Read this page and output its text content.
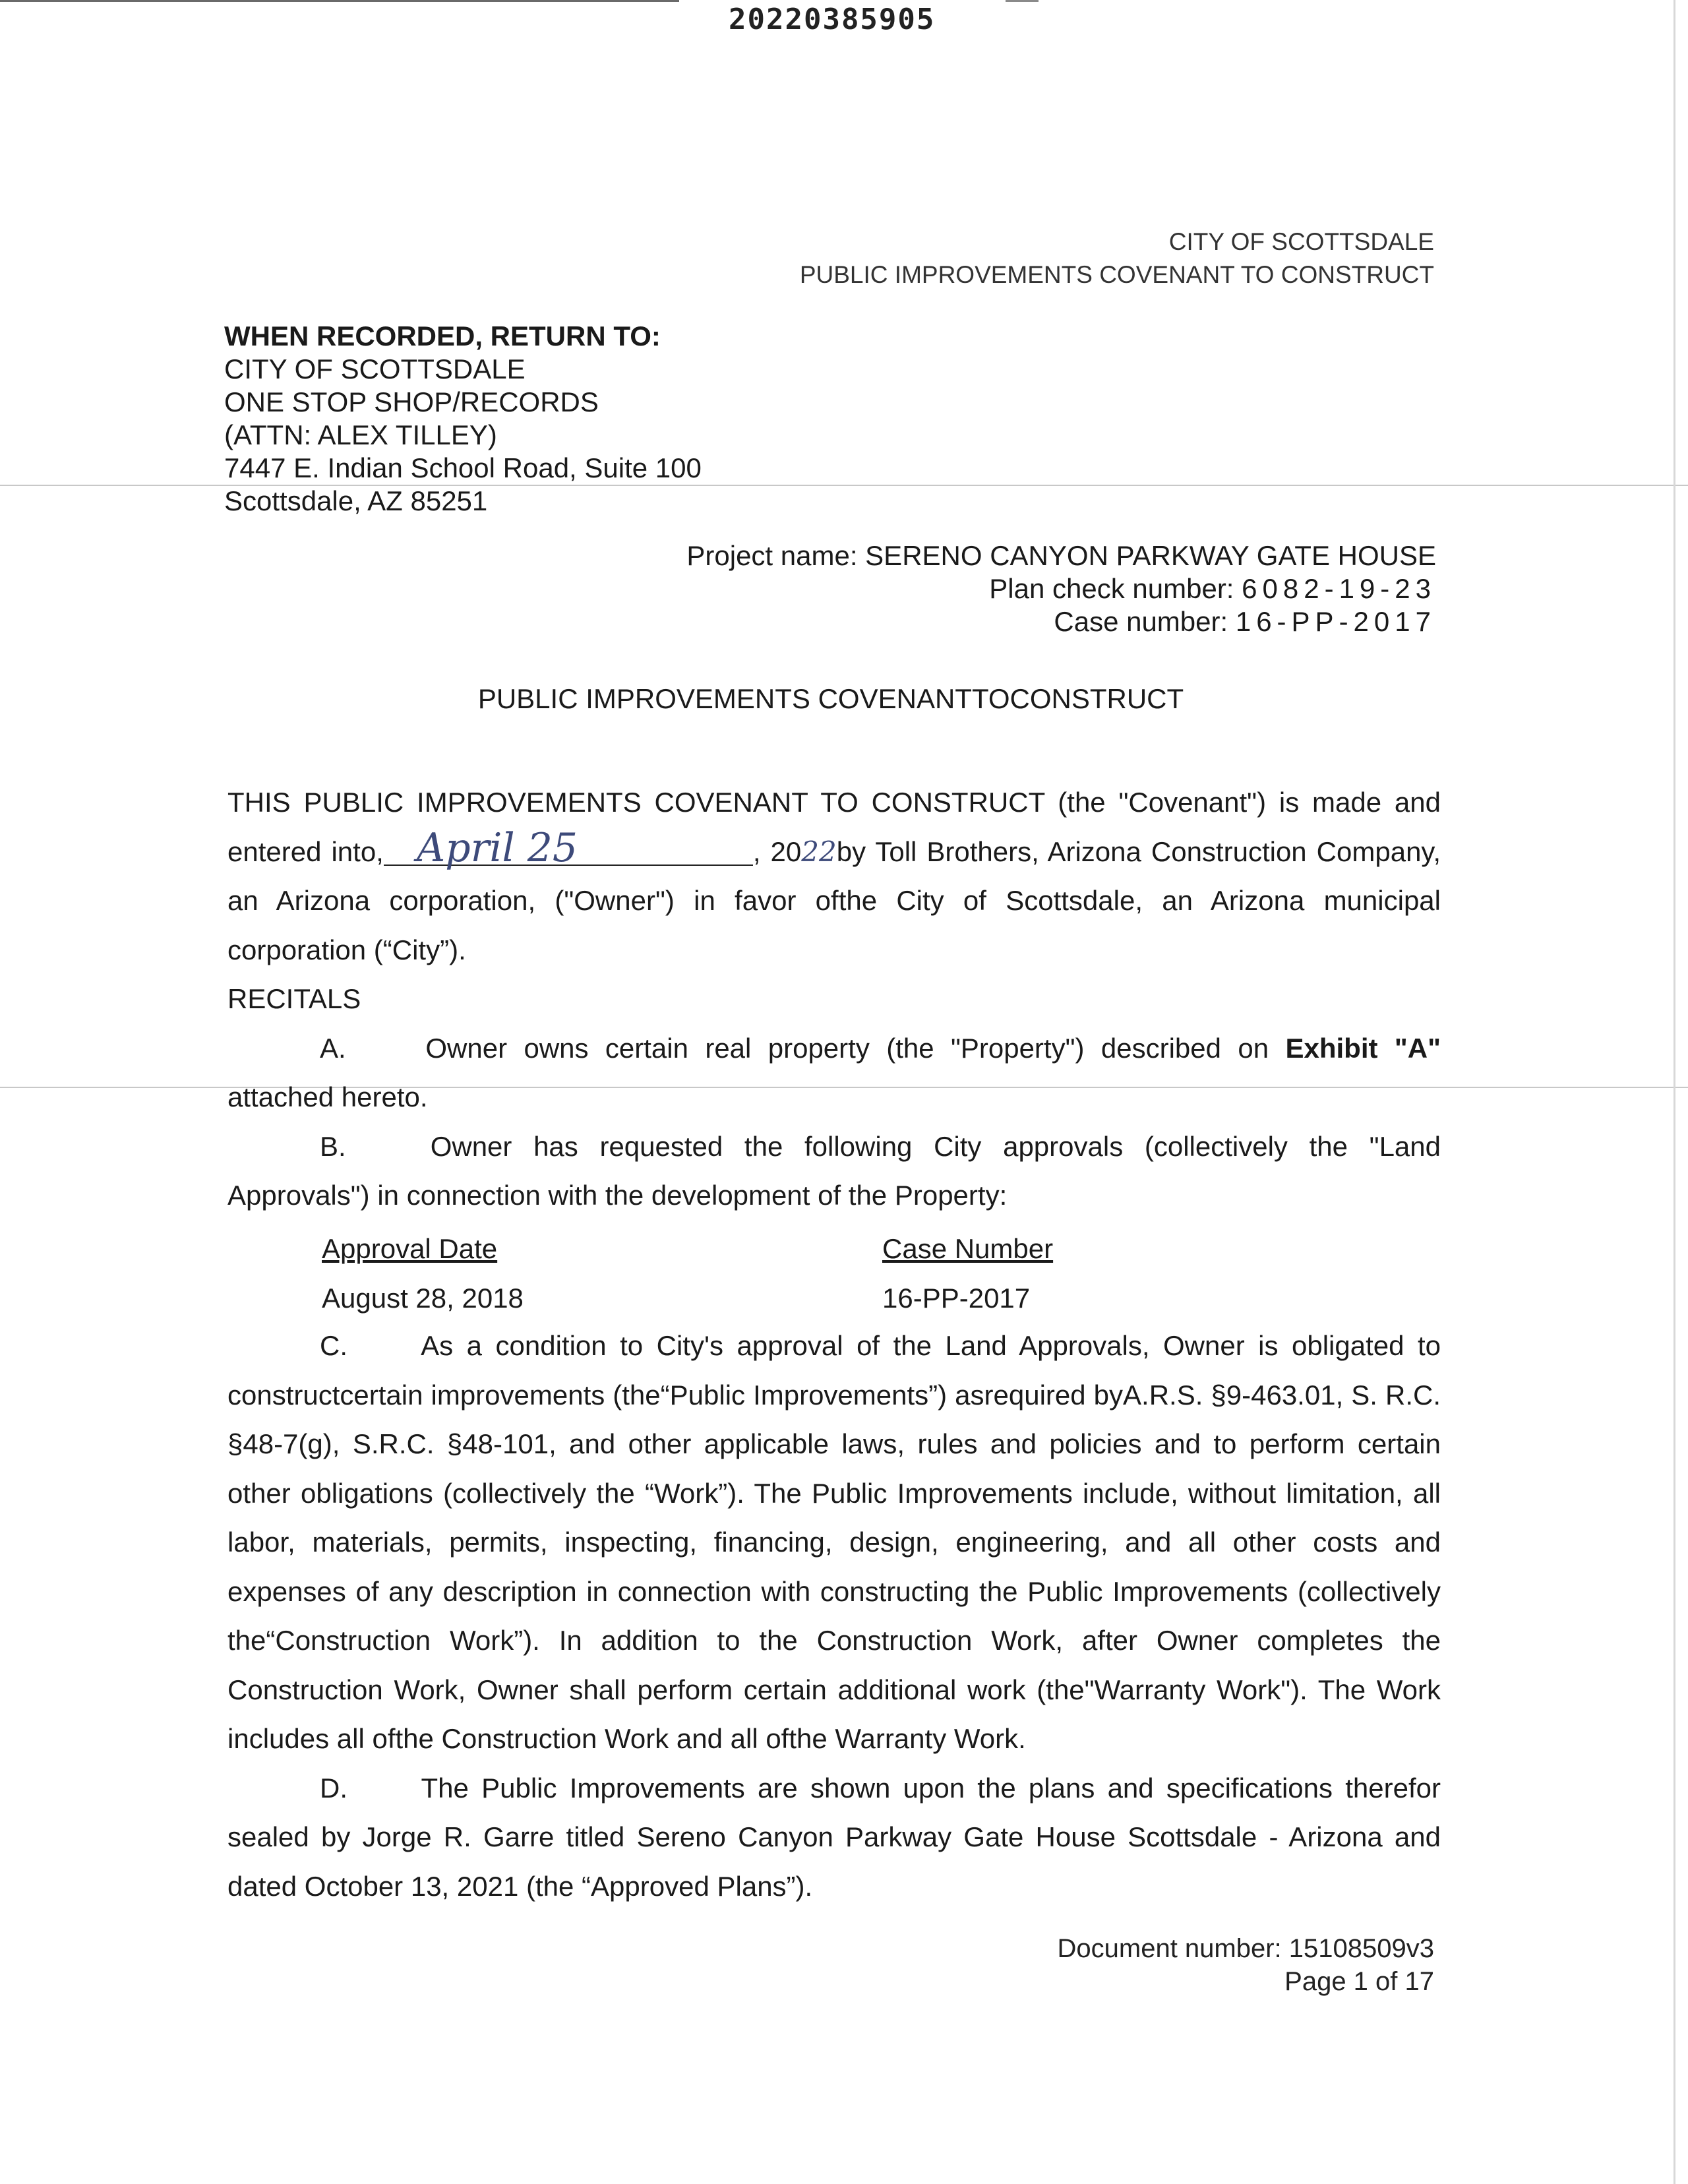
20220385905
CITY OF SCOTTSDALE
PUBLIC IMPROVEMENTS COVENANT TO CONSTRUCT
WHEN RECORDED, RETURN TO:
CITY OF SCOTTSDALE
ONE STOP SHOP/RECORDS
(ATTN: ALEX TILLEY)
7447 E. Indian School Road, Suite 100
Scottsdale, AZ 85251
Project name: SERENO CANYON PARKWAY GATE HOUSE
Plan check number: 6082-19-23
Case number: 16-PP-2017
PUBLIC IMPROVEMENTS COVENANTTOCONSTRUCT

THIS PUBLIC IMPROVEMENTS COVENANT TO CONSTRUCT (the "Covenant") is made and entered into, April 25	, 2022by Toll Brothers, Arizona Construction Company, an Arizona corporation, ("Owner") in favor ofthe City of Scottsdale, an Arizona municipal corporation (“City”).

RECITALS

A.	Owner owns certain real property (the "Property") described on Exhibit "A" attached hereto.

B.	Owner has requested the following City approvals (collectively the "Land Approvals") in connection with the development of the Property:

Approval Date	Case Number
August 28, 2018	16-PP-2017

C.	As a condition to City's approval of the Land Approvals, Owner is obligated to constructcertain improvements (the“Public Improvements”) asrequired byA.R.S. §9-463.01, S. R.C. §48-7(g), S.R.C. §48-101, and other applicable laws, rules and policies and to perform certain other obligations (collectively the “Work”). The Public Improvements include, without limitation, all labor, materials, permits, inspecting, financing, design, engineering, and all other costs and expenses of any description in connection with constructing the Public Improvements (collectively the“Construction Work”). In addition to the Construction Work, after Owner completes the Construction Work, Owner shall perform certain additional work (the"Warranty Work"). The Work includes all ofthe Construction Work and all ofthe Warranty Work.

D.	The Public Improvements are shown upon the plans and specifications therefor sealed by Jorge R. Garre titled Sereno Canyon Parkway Gate House Scottsdale - Arizona and dated October 13, 2021 (the “Approved Plans”).

Document number: 15108509v3
Page 1 of 17
